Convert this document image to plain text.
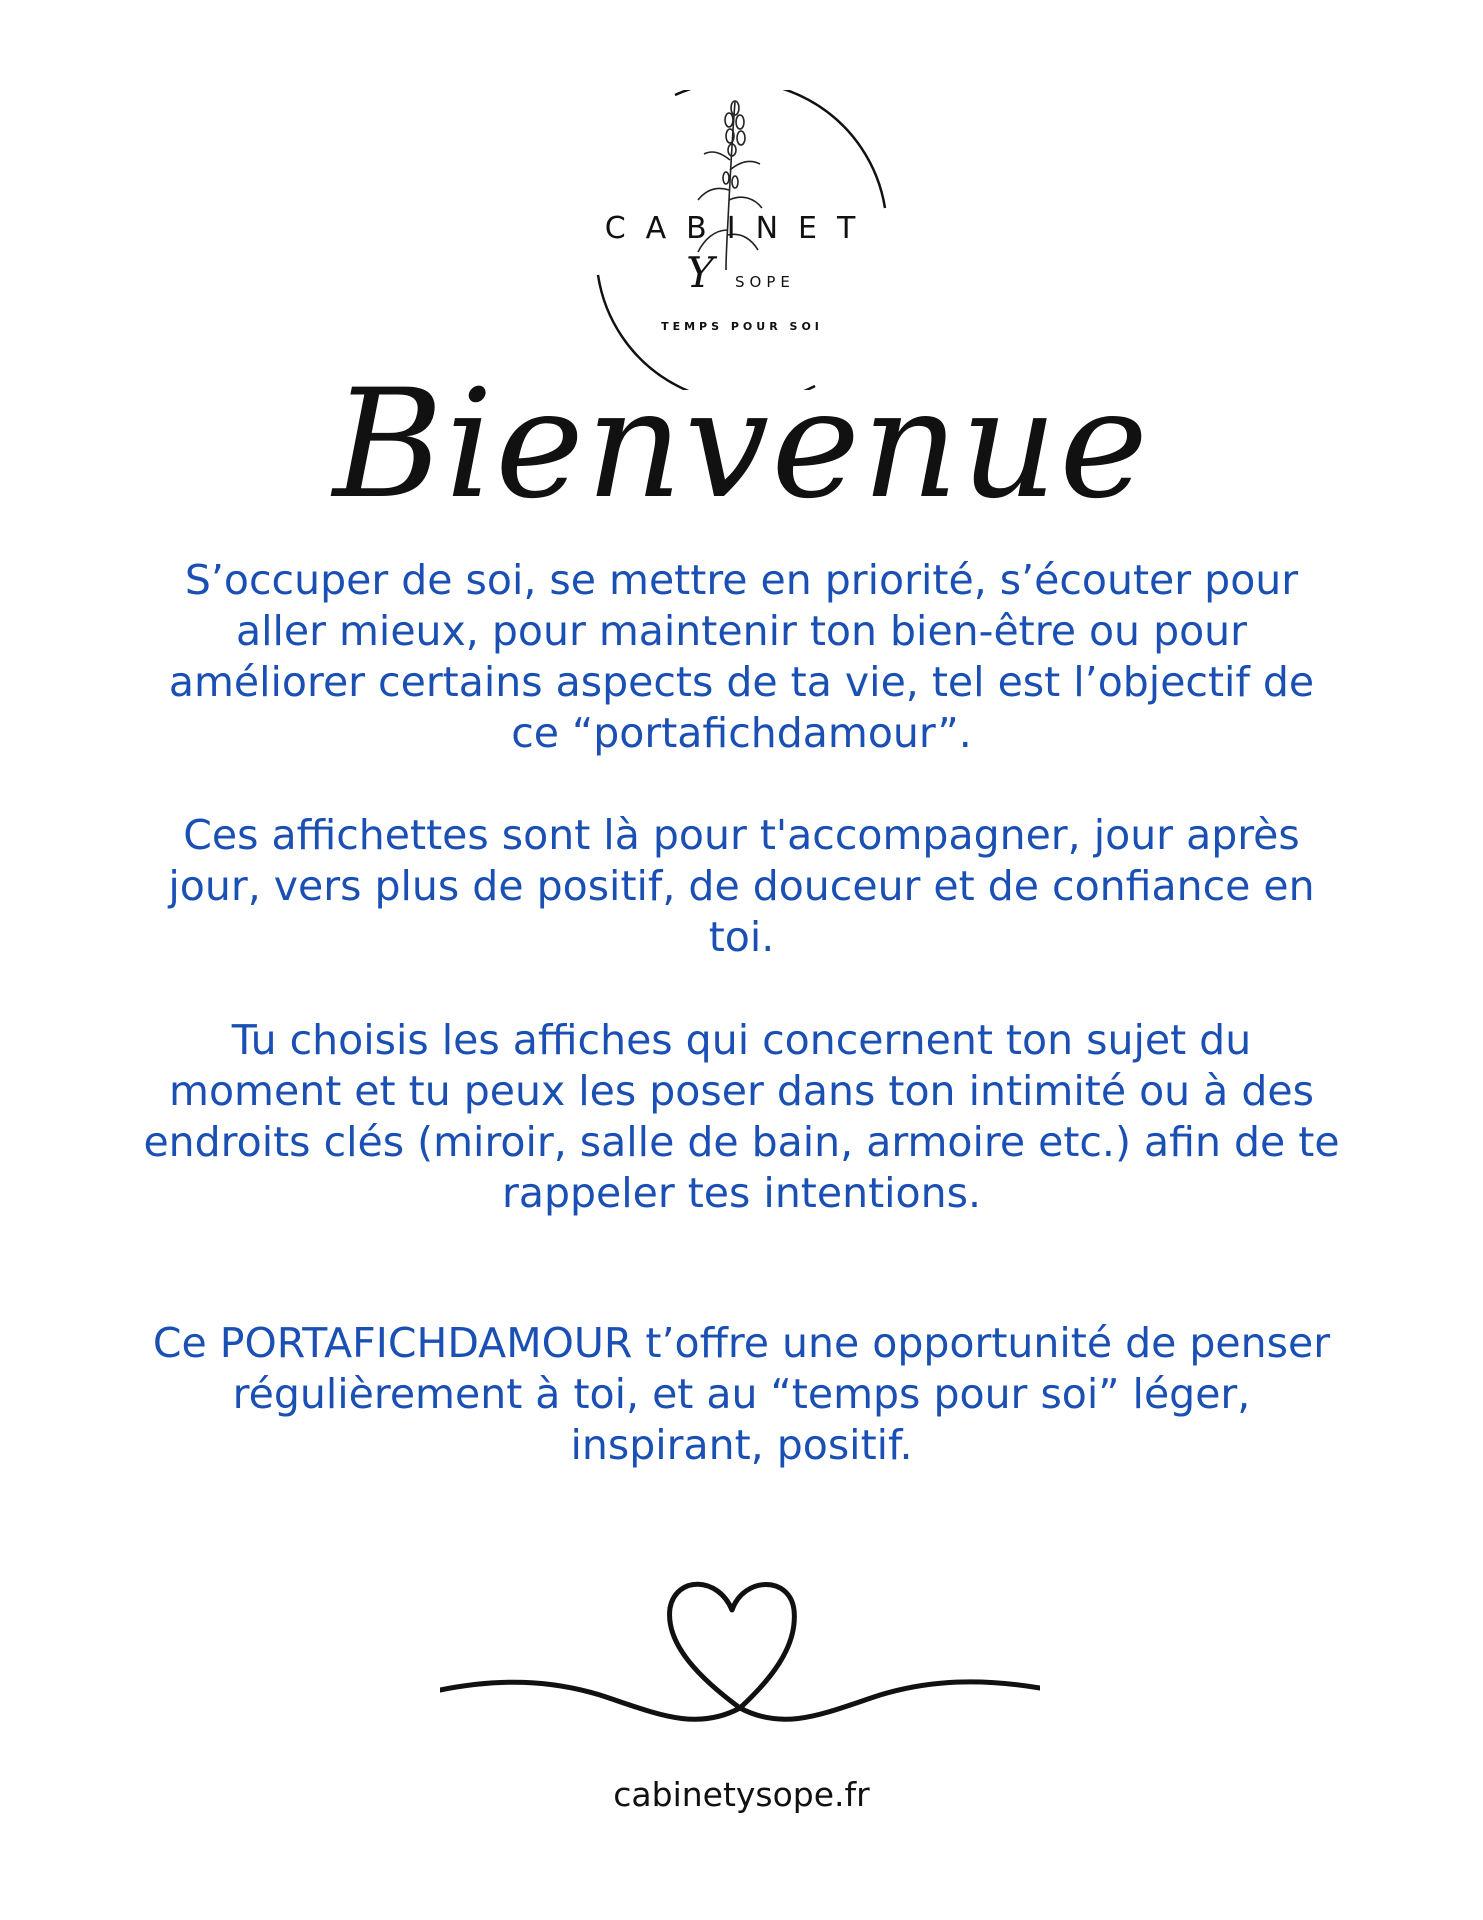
CABINET
Y SOPE
TEMPS POUR SOI
Bienvenue

S’occuper de soi, se mettre en priorité, s’écouter pour aller mieux, pour maintenir ton bien-être ou pour améliorer certains aspects de ta vie, tel est l’objectif de ce “portafichdamour”.

Ces affichettes sont là pour t'accompagner, jour après jour, vers plus de positif, de douceur et de confiance en toi.

Tu choisis les affiches qui concernent ton sujet du moment et tu peux les poser dans ton intimité ou à des endroits clés (miroir, salle de bain, armoire etc.) afin de te rappeler tes intentions.

Ce PORTAFICHDAMOUR t’offre une opportunité de penser régulièrement à toi, et au “temps pour soi” léger, inspirant, positif.

cabinetysope.fr
